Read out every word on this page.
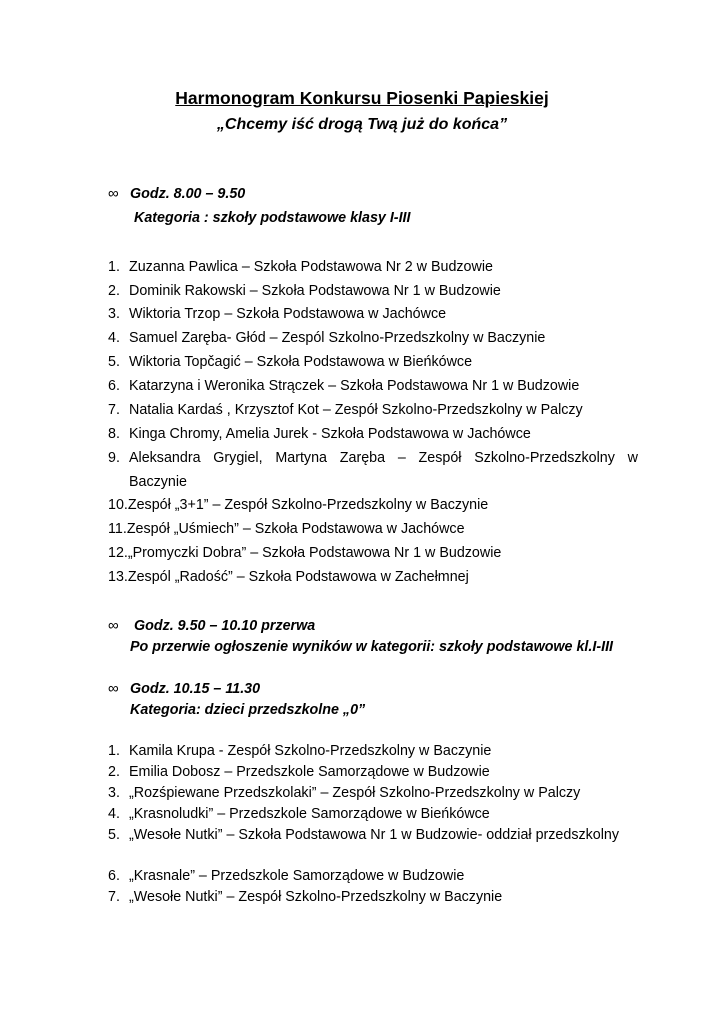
Harmonogram Konkursu Piosenki Papieskiej
„Chcemy iść drogą Twą już do końca”
∞ Godz. 8.00 – 9.50
Kategoria : szkoły podstawowe klasy I-III
1. Zuzanna Pawlica – Szkoła Podstawowa Nr 2 w Budzowie
2. Dominik Rakowski – Szkoła Podstawowa Nr 1 w Budzowie
3. Wiktoria Trzop – Szkoła Podstawowa w Jachówce
4. Samuel Zaręba- Głód – Zespól Szkolno-Przedszkolny w Baczynie
5. Wiktoria Topčagić – Szkoła Podstawowa w Bieńkówce
6. Katarzyna i Weronika Strączek – Szkoła Podstawowa Nr 1 w Budzowie
7. Natalia Kardaś , Krzysztof Kot – Zespół Szkolno-Przedszkolny w Palczy
8. Kinga Chromy, Amelia Jurek - Szkoła Podstawowa w Jachówce
9. Aleksandra Grygiel, Martyna Zaręba – Zespół Szkolno-Przedszkolny w Baczynie
10.Zespół „3+1” – Zespół Szkolno-Przedszkolny w Baczynie
11.Zespół „Uśmiech” – Szkoła Podstawowa w Jachówce
12.„Promyczki Dobra” – Szkoła Podstawowa Nr 1 w Budzowie
13.Zespól „Radość” – Szkoła Podstawowa w Zachełmnej
∞ Godz. 9.50 – 10.10 przerwa
Po przerwie ogłoszenie wyników w kategorii: szkoły podstawowe kl.I-III
∞ Godz. 10.15 – 11.30
Kategoria: dzieci przedszkolne „0”
1. Kamila Krupa - Zespół Szkolno-Przedszkolny w Baczynie
2. Emilia Dobosz – Przedszkole Samorządowe w Budzowie
3. „Rozśpiewane Przedszkolaki” – Zespół Szkolno-Przedszkolny w Palczy
4. „Krasnoludki” – Przedszkole Samorządowe w Bieńkówce
5. „Wesołe Nutki” – Szkoła Podstawowa Nr 1 w Budzowie- oddział przedszkolny
6. „Krasnale” – Przedszkole Samorządowe w Budzowie
7. „Wesołe Nutki” – Zespół Szkolno-Przedszkolny w Baczynie
